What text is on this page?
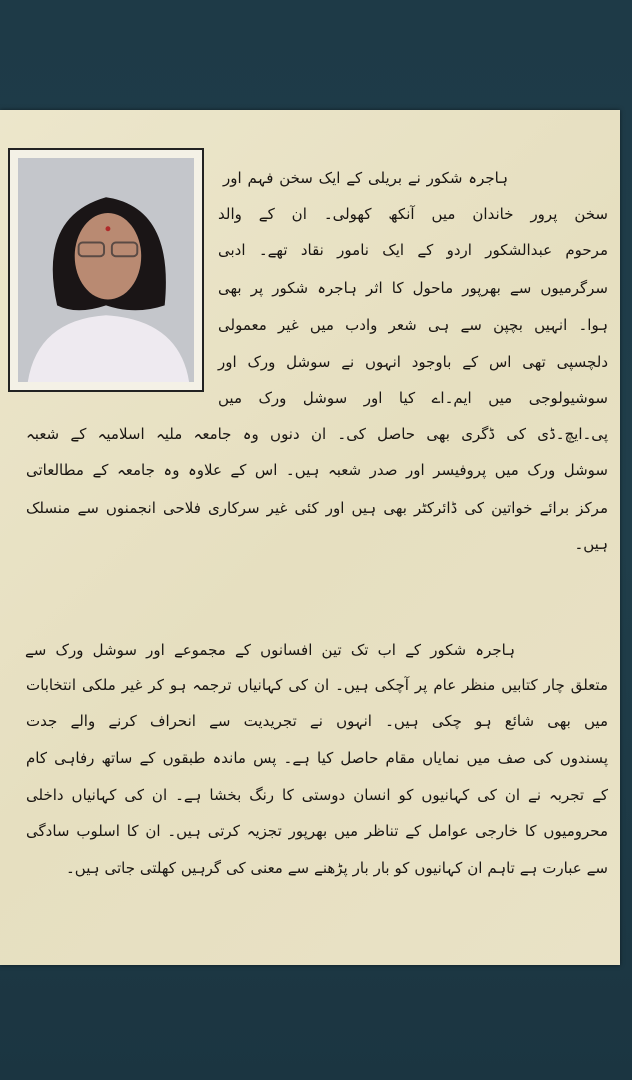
ہاجرہ شکور نے بریلی کے ایک سخن فہم اور
سخن پرور خاندان میں آنکھ کھولی۔ ان کے والد
مرحوم عبدالشکور اردو کے ایک نامور نقاد تھے۔ ادبی
سرگرمیوں سے بھرپور ماحول کا اثر ہاجرہ شکور پر بھی
ہوا۔ انہیں بچپن سے ہی شعر وادب میں غیر معمولی
دلچسپی تھی اس کے باوجود انہوں نے سوشل ورک اور
سوشیولوجی میں ایم۔اے کیا اور سوشل ورک میں
پی۔ایچ۔ڈی کی ڈگری بھی حاصل کی۔ ان دنوں وہ جامعہ ملیہ اسلامیہ کے شعبہ
سوشل ورک میں پروفیسر اور صدر شعبہ ہیں۔ اس کے علاوہ وہ جامعہ کے مطالعاتی
مرکز برائے خواتین کی ڈائرکٹر بھی ہیں اور کئی غیر سرکاری فلاحی انجمنوں سے منسلک
ہیں۔
ہاجرہ شکور کے اب تک تین افسانوں کے مجموعے اور سوشل ورک سے
متعلق چار کتابیں منظر عام پر آچکی ہیں۔ ان کی کہانیاں ترجمہ ہو کر غیر ملکی انتخابات
میں بھی شائع ہو چکی ہیں۔ انہوں نے تجریدیت سے انحراف کرنے والے جدت
پسندوں کی صف میں نمایاں مقام حاصل کیا ہے۔ پس ماندہ طبقوں کے ساتھ رفاہی کام
کے تجربہ نے ان کی کہانیوں کو انسان دوستی کا رنگ بخشا ہے۔ ان کی کہانیاں داخلی
محرومیوں کا خارجی عوامل کے تناظر میں بھرپور تجزیہ کرتی ہیں۔ ان کا اسلوب سادگی
سے عبارت ہے تاہم ان کہانیوں کو بار بار پڑھنے سے معنی کی گرہیں کھلتی جاتی ہیں۔
